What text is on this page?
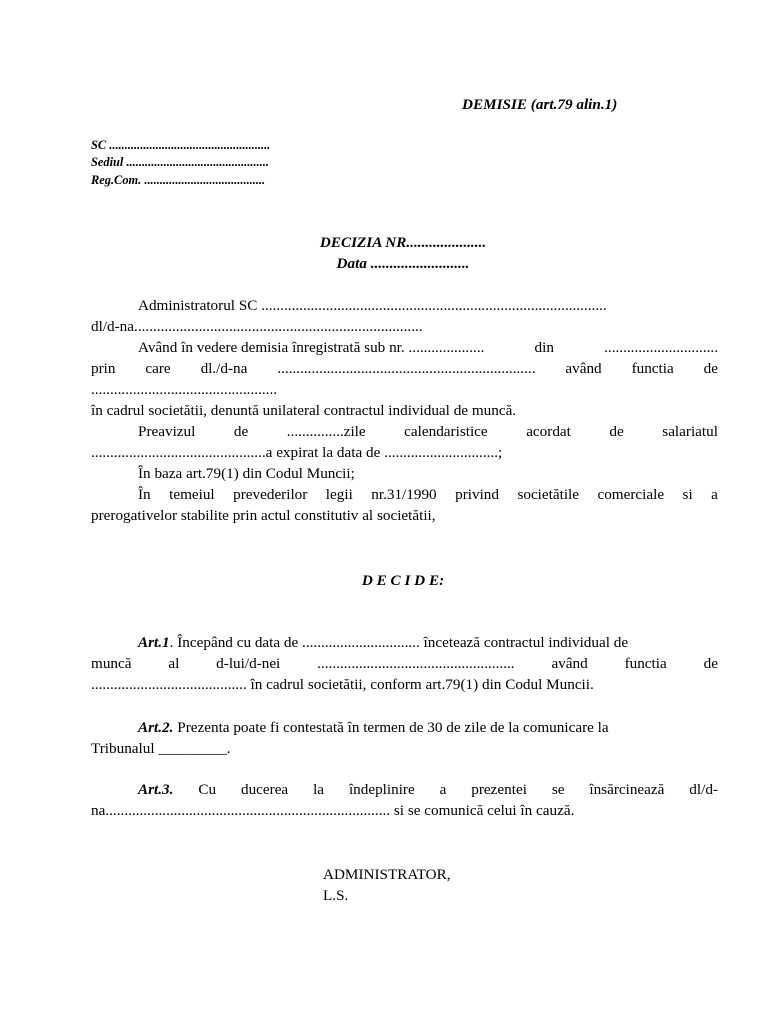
DEMISIE (art.79 alin.1)
SC ....................................................
Sediul ..............................................
Reg.Com. .......................................
DECIZIA NR.....................
Data ..........................
Administratorul SC ...........................................................................................
dl/d-na............................................................................
Având în vedere demisia înregistrată sub nr. ....................	din	..............................
prin care dl./d-na .................................................................... având functia de
.................................................
în cadrul societătii, denuntă unilateral contractul individual de muncă.
Preavizul	de	...............zile	calendaristice	acordat	de	salariatul
..............................................a expirat la data de ..............................;
În baza art.79(1) din Codul Muncii;
În temeiul prevederilor legii nr.31/1990 privind societătile comerciale si a
prerogativelor stabilite prin actul constitutiv al societătii,
D E C I D E:
Art.1. Începând cu data de ............................... încetează contractul individual de
muncă al d-lui/d-nei .................................................... având functia de
......................................... în cadrul societătii, conform art.79(1) din Codul Muncii.
Art.2. Prezenta poate fi contestată în termen de 30 de zile de la comunicare la
Tribunalul _________.
Art.3. Cu ducerea la îndeplinire a prezentei se însărcinează dl/d-
na........................................................................... si se comunică celui în cauză.
ADMINISTRATOR,
L.S.
